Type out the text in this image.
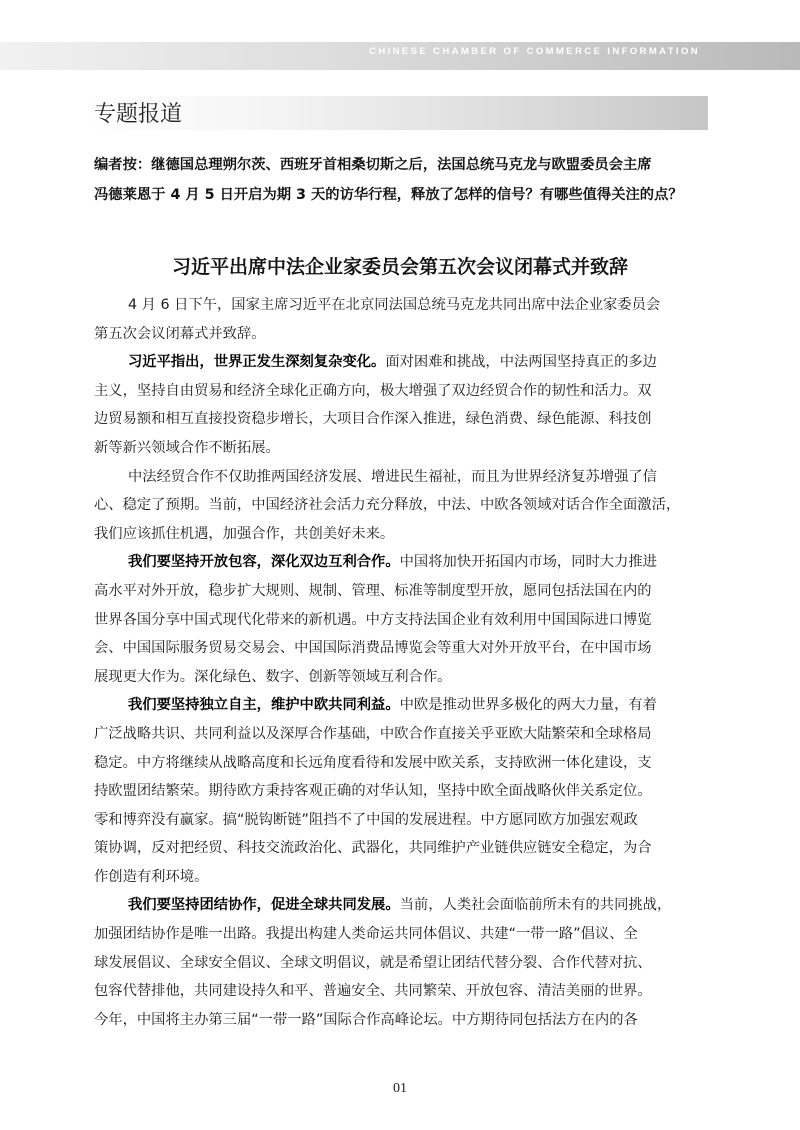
CHINESE CHAMBER OF COMMERCE INFORMATION
专题报道
编者按：继德国总理朔尔茨、西班牙首相桑切斯之后，法国总统马克龙与欧盟委员会主席
冯德莱恩于 4 月 5 日开启为期 3 天的访华行程，释放了怎样的信号？有哪些值得关注的点？
习近平出席中法企业家委员会第五次会议闭幕式并致辞
4 月 6 日下午，国家主席习近平在北京同法国总统马克龙共同出席中法企业家委员会
第五次会议闭幕式并致辞。
习近平指出，世界正发生深刻复杂变化。面对困难和挑战，中法两国坚持真正的多边
主义，坚持自由贸易和经济全球化正确方向，极大增强了双边经贸合作的韧性和活力。双
边贸易额和相互直接投资稳步增长，大项目合作深入推进，绿色消费、绿色能源、科技创
新等新兴领域合作不断拓展。
中法经贸合作不仅助推两国经济发展、增进民生福祉，而且为世界经济复苏增强了信
心、稳定了预期。当前，中国经济社会活力充分释放，中法、中欧各领域对话合作全面激活，
我们应该抓住机遇，加强合作，共创美好未来。
我们要坚持开放包容，深化双边互利合作。中国将加快开拓国内市场，同时大力推进
高水平对外开放，稳步扩大规则、规制、管理、标准等制度型开放，愿同包括法国在内的
世界各国分享中国式现代化带来的新机遇。中方支持法国企业有效利用中国国际进口博览
会、中国国际服务贸易交易会、中国国际消费品博览会等重大对外开放平台，在中国市场
展现更大作为。深化绿色、数字、创新等领域互利合作。
我们要坚持独立自主，维护中欧共同利益。中欧是推动世界多极化的两大力量，有着
广泛战略共识、共同利益以及深厚合作基础，中欧合作直接关乎亚欧大陆繁荣和全球格局
稳定。中方将继续从战略高度和长远角度看待和发展中欧关系，支持欧洲一体化建设，支
持欧盟团结繁荣。期待欧方秉持客观正确的对华认知，坚持中欧全面战略伙伴关系定位。
零和博弈没有赢家。搞“脱钩断链”阻挡不了中国的发展进程。中方愿同欧方加强宏观政
策协调，反对把经贸、科技交流政治化、武器化，共同维护产业链供应链安全稳定，为合
作创造有利环境。
我们要坚持团结协作，促进全球共同发展。当前，人类社会面临前所未有的共同挑战，
加强团结协作是唯一出路。我提出构建人类命运共同体倡议、共建“一带一路”倡议、全
球发展倡议、全球安全倡议、全球文明倡议，就是希望让团结代替分裂、合作代替对抗、
包容代替排他，共同建设持久和平、普遍安全、共同繁荣、开放包容、清洁美丽的世界。
今年，中国将主办第三届“一带一路”国际合作高峰论坛。中方期待同包括法方在内的各
01
